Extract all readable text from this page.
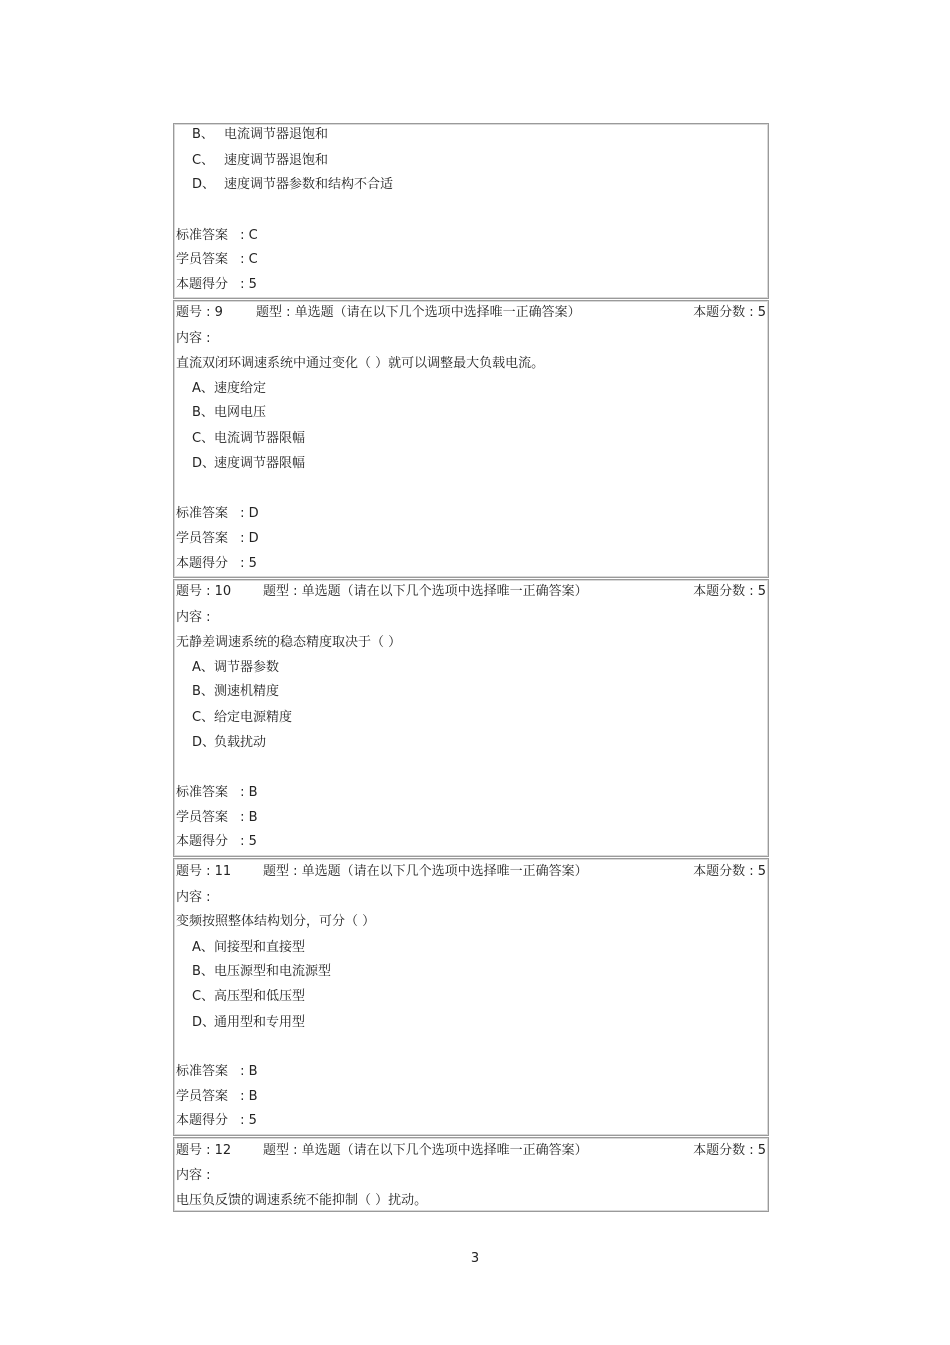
B、 电流调节器退饱和
C、 速度调节器退饱和
D、 速度调节器参数和结构不合适
标准答案 : C
学员答案 : C
本题得分 : 5
题号 : 9	题型 : 单选题（请在以下几个选项中选择唯一正确答案）	本题分数 : 5
内容 :
直流双闭环调速系统中通过变化（ ）就可以调整最大负载电流。
A、速度给定
B、电网电压
C、电流调节器限幅
D、速度调节器限幅
标准答案 : D
学员答案 : D
本题得分 : 5
题号 : 10 题型 : 单选题（请在以下几个选项中选择唯一正确答案）	本题分数 : 5
内容 :
无静差调速系统的稳态精度取决于（ ）
A、调节器参数
B、测速机精度
C、给定电源精度
D、负载扰动
标准答案 : B
学员答案 : B
本题得分 : 5
题号 : 11 题型 : 单选题（请在以下几个选项中选择唯一正确答案）	本题分数 : 5
内容 :
变频按照整体结构划分，可分（ ）
A、间接型和直接型
B、电压源型和电流源型
C、高压型和低压型
D、通用型和专用型
标准答案 : B
学员答案 : B
本题得分 : 5
题号 : 12 题型 : 单选题（请在以下几个选项中选择唯一正确答案）	本题分数 : 5
内容 :
电压负反馈的调速系统不能抑制（ ）扰动。
3
